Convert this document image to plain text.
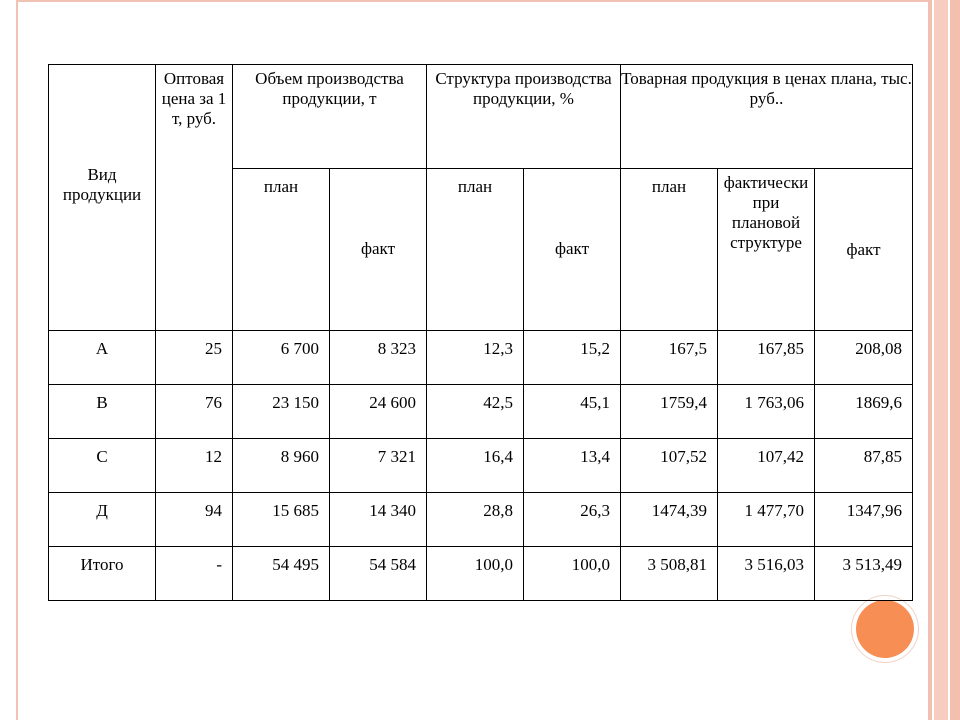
Вид продукции	Оптовая цена за 1 т, руб.	Объем производства продукции, т		Структура производства продукции, %		Товарная продукция в ценах плана, тыс. руб..		
		план	факт	план	факт	план	фактически при плановой структуре	факт
А	25	6 700	8 323	12,3	15,2	167,5	167,85	208,08
В	76	23 150	24 600	42,5	45,1	1759,4	1 763,06	1869,6
С	12	8 960	7 321	16,4	13,4	107,52	107,42	87,85
Д	94	15 685	14 340	28,8	26,3	1474,39	1 477,70	1347,96
Итого	-	54 495	54 584	100,0	100,0	3 508,81	3 516,03	3 513,49
